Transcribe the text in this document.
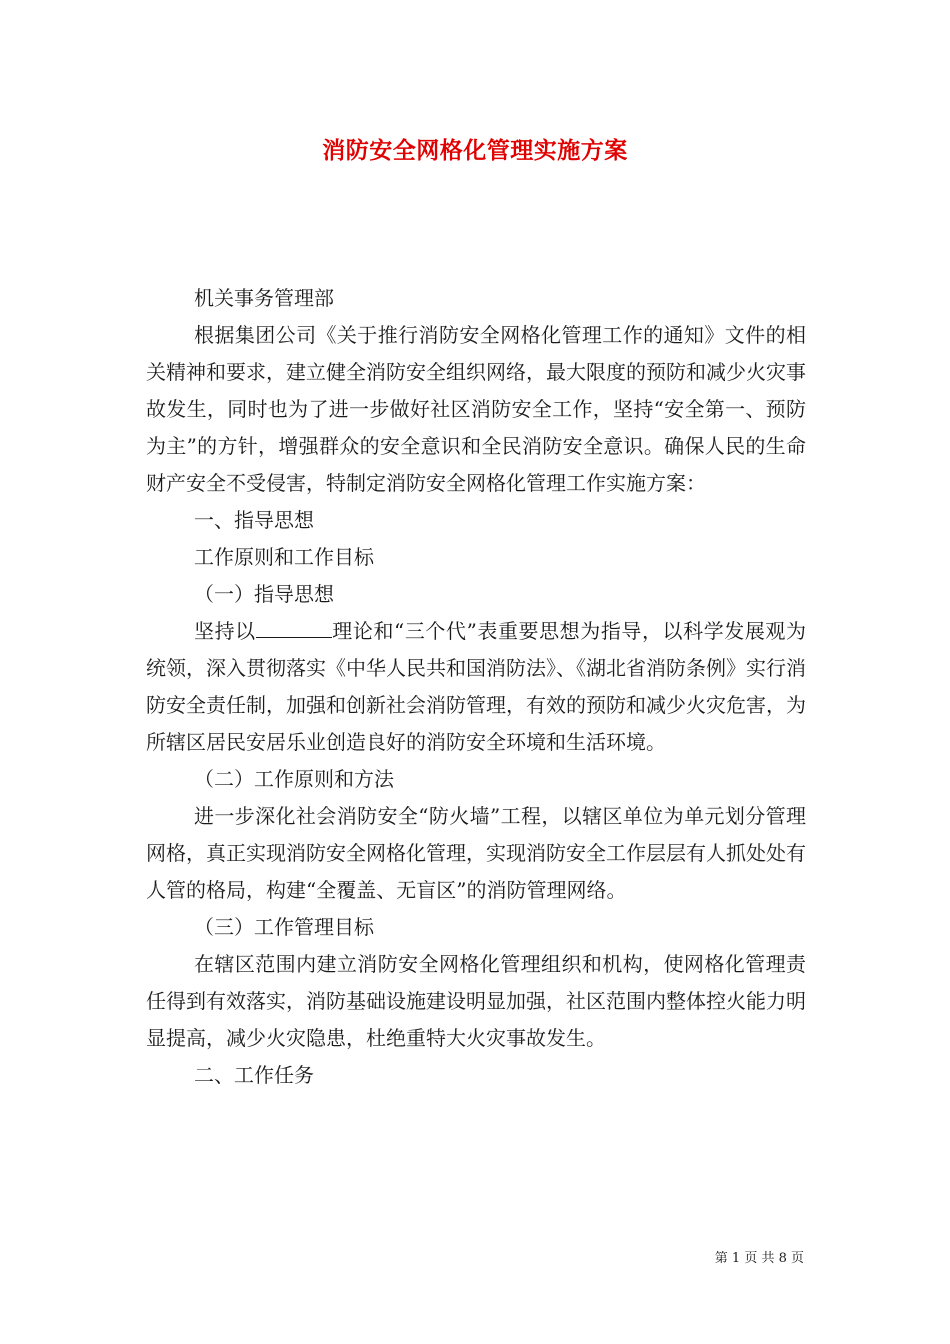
消防安全网格化管理实施方案

机关事务管理部

根据集团公司《关于推行消防安全网格化管理工作的通知》文件的相关精神和要求，建立健全消防安全组织网络，最大限度的预防和减少火灾事故发生，同时也为了进一步做好社区消防安全工作，坚持“安全第一、预防为主”的方针，增强群众的安全意识和全民消防安全意识。确保人民的生命财产安全不受侵害，特制定消防安全网格化管理工作实施方案：

一、指导思想

工作原则和工作目标

（一）指导思想

坚持以	理论和“三个代”表重要思想为指导，以科学发展观为统领，深入贯彻落实《中华人民共和国消防法》、《湖北省消防条例》实行消防安全责任制，加强和创新社会消防管理，有效的预防和减少火灾危害，为所辖区居民安居乐业创造良好的消防安全环境和生活环境。

（二）工作原则和方法

进一步深化社会消防安全“防火墙”工程，以辖区单位为单元划分管理网格，真正实现消防安全网格化管理，实现消防安全工作层层有人抓处处有人管的格局，构建“全覆盖、无盲区”的消防管理网络。

（三）工作管理目标

在辖区范围内建立消防安全网格化管理组织和机构，使网格化管理责任得到有效落实，消防基础设施建设明显加强，社区范围内整体控火能力明显提高，减少火灾隐患，杜绝重特大火灾事故发生。

二、工作任务

第 1 页 共 8 页
